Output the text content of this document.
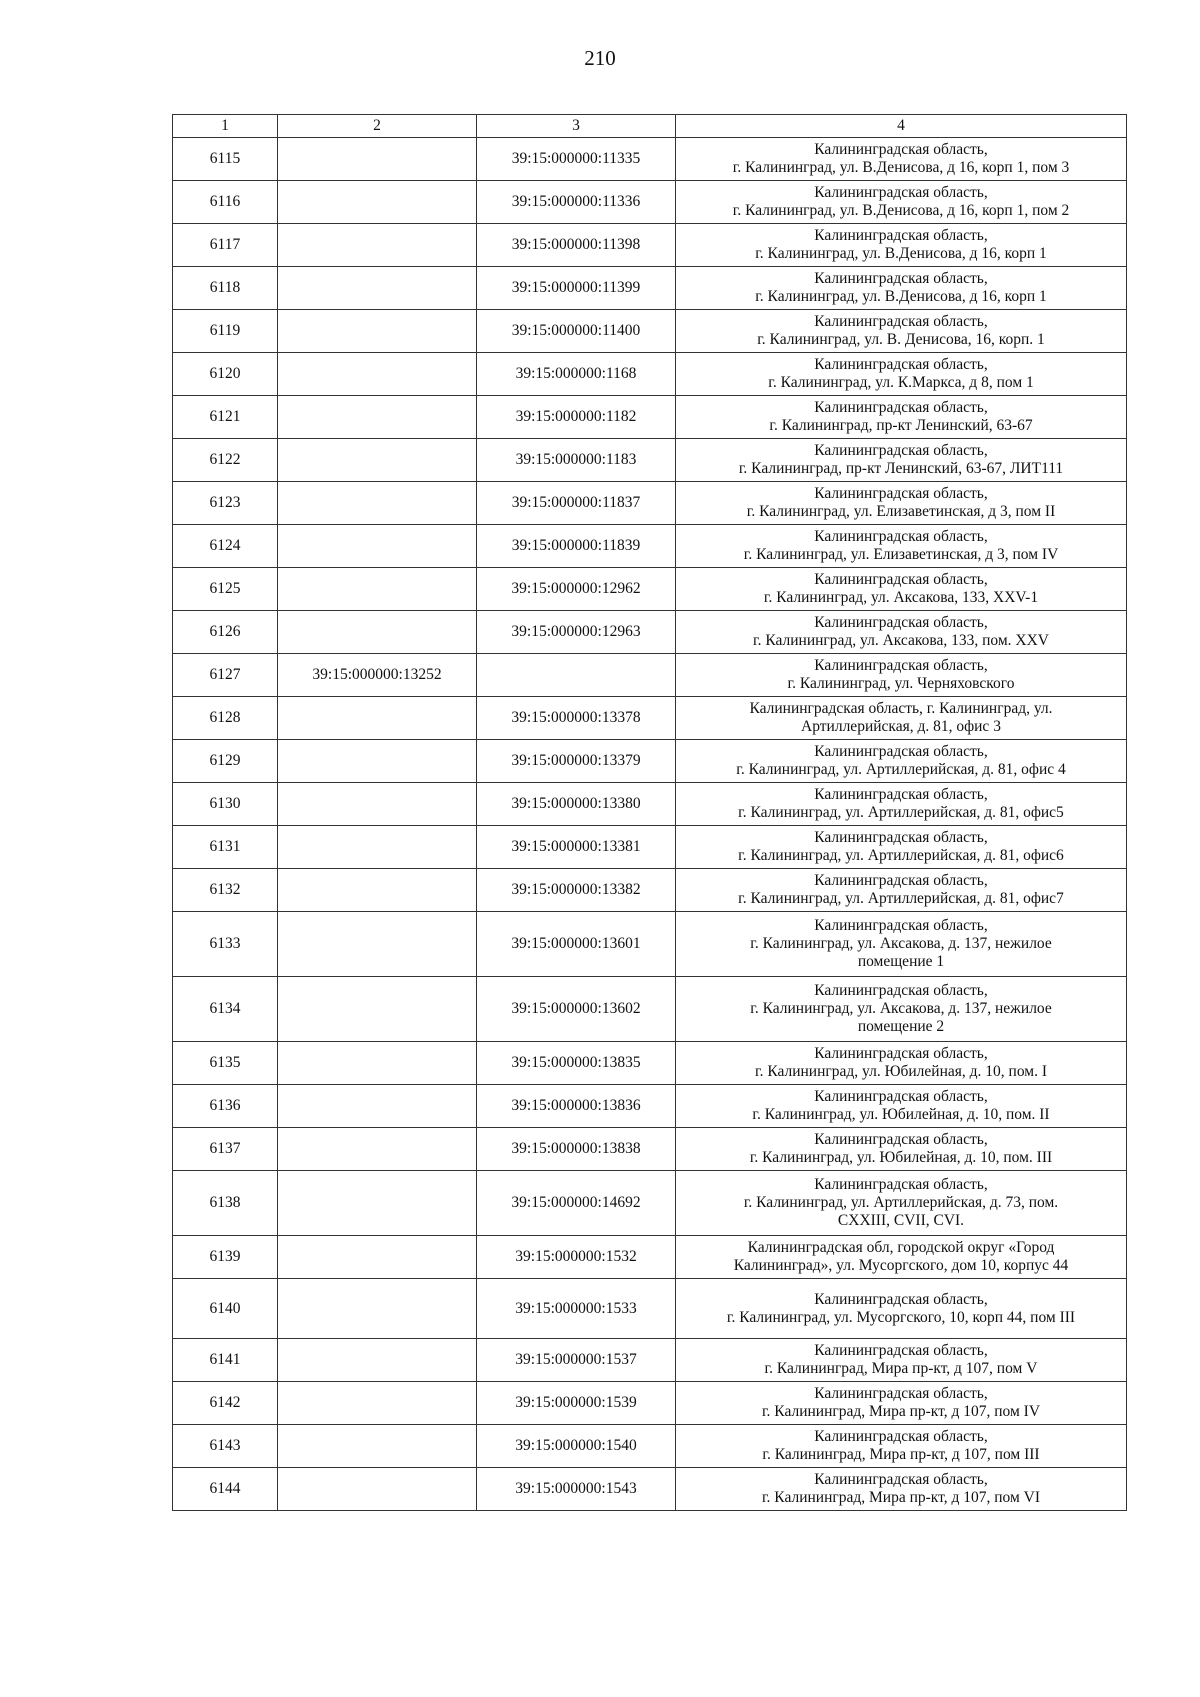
210
1	2	3	4
6115		39:15:000000:11335	Калининградская область,
г. Калининград, ул. В.Денисова, д 16, корп 1, пом 3
6116		39:15:000000:11336	Калининградская область,
г. Калининград, ул. В.Денисова, д 16, корп 1, пом 2
6117		39:15:000000:11398	Калининградская область,
г. Калининград, ул. В.Денисова, д 16, корп 1
6118		39:15:000000:11399	Калининградская область,
г. Калининград, ул. В.Денисова, д 16, корп 1
6119		39:15:000000:11400	Калининградская область,
г. Калининград, ул. В. Денисова, 16, корп. 1
6120		39:15:000000:1168	Калининградская область,
г. Калининград, ул. К.Маркса, д 8, пом 1
6121		39:15:000000:1182	Калининградская область,
г. Калининград, пр-кт Ленинский, 63-67
6122		39:15:000000:1183	Калининградская область,
г. Калининград, пр-кт Ленинский, 63-67, ЛИТ111
6123		39:15:000000:11837	Калининградская область,
г. Калининград, ул. Елизаветинская, д 3, пом II
6124		39:15:000000:11839	Калининградская область,
г. Калининград, ул. Елизаветинская, д 3, пом IV
6125		39:15:000000:12962	Калининградская область,
г. Калининград, ул. Аксакова, 133, XXV-1
6126		39:15:000000:12963	Калининградская область,
г. Калининград, ул. Аксакова, 133, пом. XXV
6127	39:15:000000:13252		Калининградская область,
г. Калининград, ул. Черняховского
6128		39:15:000000:13378	Калининградская область, г. Калининград, ул.
Артиллерийская, д. 81, офис 3
6129		39:15:000000:13379	Калининградская область,
г. Калининград, ул. Артиллерийская, д. 81, офис 4
6130		39:15:000000:13380	Калининградская область,
г. Калининград, ул. Артиллерийская, д. 81, офис5
6131		39:15:000000:13381	Калининградская область,
г. Калининград, ул. Артиллерийская, д. 81, офис6
6132		39:15:000000:13382	Калининградская область,
г. Калининград, ул. Артиллерийская, д. 81, офис7
6133		39:15:000000:13601	Калининградская область,
г. Калининград, ул. Аксакова, д. 137, нежилое
помещение 1
6134		39:15:000000:13602	Калининградская область,
г. Калининград, ул. Аксакова, д. 137, нежилое
помещение 2
6135		39:15:000000:13835	Калининградская область,
г. Калининград, ул. Юбилейная, д. 10, пом. I
6136		39:15:000000:13836	Калининградская область,
г. Калининград, ул. Юбилейная, д. 10, пом. II
6137		39:15:000000:13838	Калининградская область,
г. Калининград, ул. Юбилейная, д. 10, пом. III
6138		39:15:000000:14692	Калининградская область,
г. Калининград, ул. Артиллерийская, д. 73, пом.
CXXIII, CVII, CVI.
6139		39:15:000000:1532	Калининградская обл, городской округ «Город
Калининград», ул. Мусоргского, дом 10, корпус 44
6140		39:15:000000:1533	Калининградская область,
г. Калининград, ул. Мусоргского, 10, корп 44, пом III
6141		39:15:000000:1537	Калининградская область,
г. Калининград, Мира пр-кт, д 107, пом V
6142		39:15:000000:1539	Калининградская область,
г. Калининград, Мира пр-кт, д 107, пом IV
6143		39:15:000000:1540	Калининградская область,
г. Калининград, Мира пр-кт, д 107, пом III
6144		39:15:000000:1543	Калининградская область,
г. Калининград, Мира пр-кт, д 107, пом VI
